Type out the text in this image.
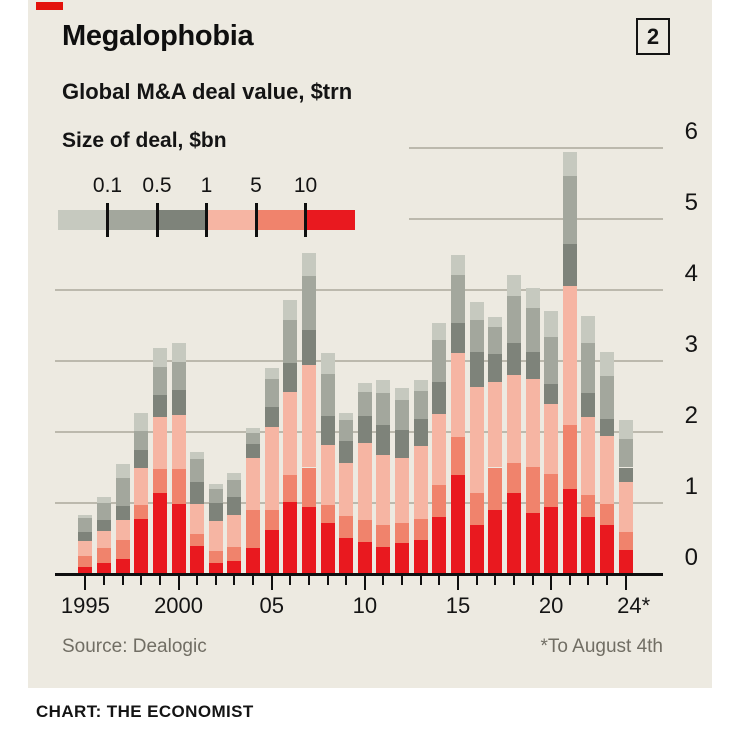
Megalophobia	2
Global M&A deal value, $trn
Size of deal, $bn
0
1
2
3
4
5
6
1995 2000	05	10	15	20 24*
0.1 0.5 1 5 10
Source: Dealogic	*To August 4th
CHART: THE ECONOMIST
